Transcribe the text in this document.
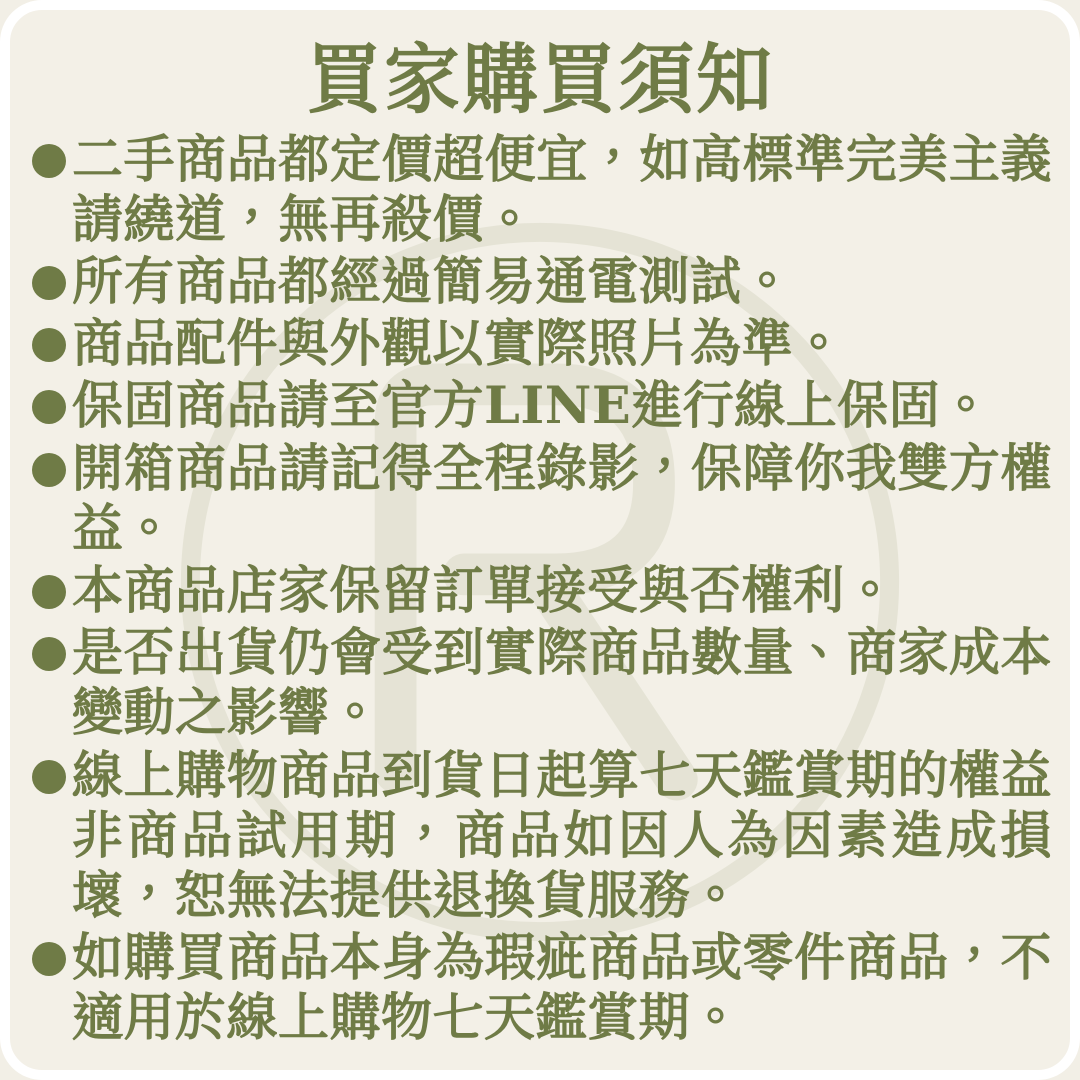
買家購買須知
二手商品都定價超便宜，如高標準完美主義請繞道，無再殺價。
所有商品都經過簡易通電測試。
商品配件與外觀以實際照片為準。
保固商品請至官方LINE進行線上保固。
開箱商品請記得全程錄影，保障你我雙方權益。
本商品店家保留訂單接受與否權利。
是否出貨仍會受到實際商品數量、商家成本變動之影響。
線上購物商品到貨日起算七天鑑賞期的權益非商品試用期，商品如因人為因素造成損壞，恕無法提供退換貨服務。
如購買商品本身為瑕疵商品或零件商品，不適用於線上購物七天鑑賞期。
